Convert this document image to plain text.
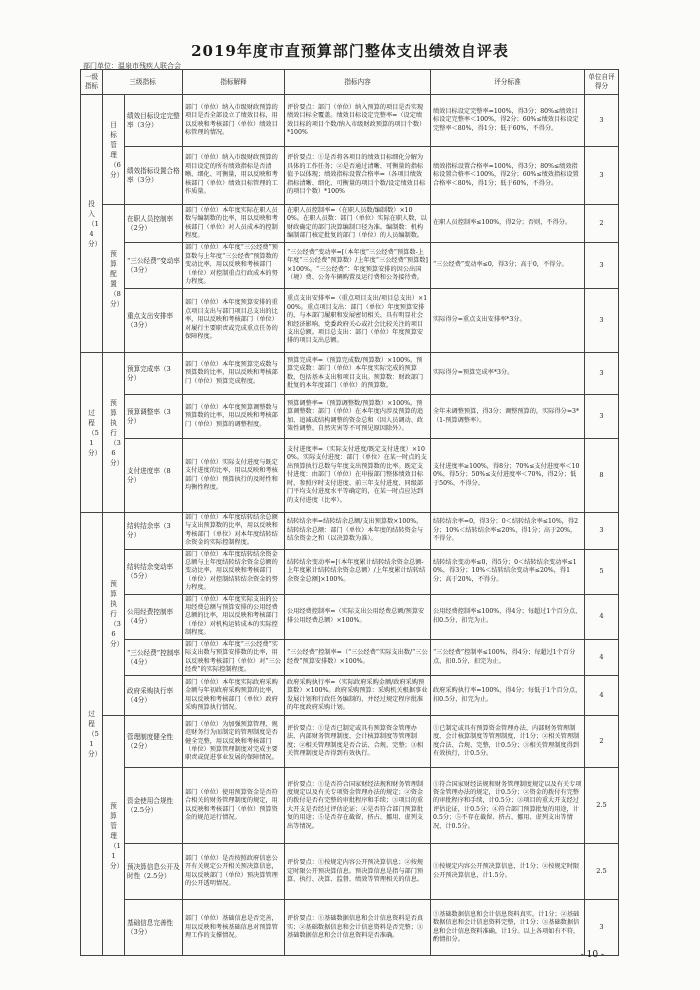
2019年度市直预算部门整体支出绩效自评表
部门单位：温泉市残疾人联合会
一级指标	三级指标		指标解释	指标内容	评分标准	单位自评得分
投入（14分）	目标管理（6分）	绩效目标设定完整率（3分）	部门（单位）纳入市级财政预算的项目是否全部设立了绩效目标，用以反映和考核部门（单位）绩效目标管理的情况。	评价要点：部门（单位）纳入预算的项目是否实现绩效目标全覆盖。绩效目标设定完整率=（设定绩效目标的项目个数/纳入市级财政预算的项目个数）*100%	绩效目标设定完整率=100%，得3分；80%≤绩效目标设定完整率＜100%，得2分；60%≤绩效目标设定完整率＜80%，得1分；低于60%，不得分。	3
		绩效指标设置合格率（3分）	部门（单位）纳入市级财政预算的项目设定的所有绩效指标是否清晰、细化、可衡量，用以反映和考核部门（单位）绩效目标管理的工作质量。	评价要点：①是否将各项目的绩效目标细化分解为具体的工作任务；②是否通过清晰、可衡量的指标值予以体现；绩效指标设置合格率=（各项目绩效指标清晰、细化、可衡量的项目个数/设定绩效目标的项目个数）*100%	绩效指标设置合格率=100%，得3分；80%≤绩效指标设置合格率＜100%，得2分；60%≤绩效指标设置合格率＜80%，得1分；低于60%，不得分。	3
	预算配置（8分）	在职人员控制率（2分）	部门（单位）本年度实际在职人员数与编制数的比率，用以反映和考核部门（单位）对人员成本的控制程度。	在职人员控制率=（在职人员数/编制数）×100%。在职人员数：部门（单位）实际在职人数，以财政确定的部门决算编制口径为准。编制数：机构编制部门核定批复的部门（单位）的人员编制数。	在职人员控制率≤100%，得2分；否则，不得分。	2
		“三公经费”变动率（3分）	部门（单位）本年度“三公经费”预算数与上年度“三公经费”预算数的变动比率，用以反映和考核部门（单位）对控制重点行政成本的努力程度。	“三公经费”变动率=[（本年度“三公经费”预算数-上年度“三公经费”预算数）/上年度“三公经费”预算数]×100%。“三公经费”：年度预算安排的因公出国（境）费、公务车辆购置及运行费和公务接待费。	“三公经费”变动率≤0，得3分；高于0，不得分。	3
		重点支出安排率（3分）	部门（单位）本年度预算安排的重点项目支出与部门项目总支出的比率，用以反映和考核部门（单位）对履行主要职责或完成重点任务的保障程度。	重点支出安排率=（重点项目支出/项目总支出）×100%。重点项目支出：部门（单位）年度预算安排的，与本部门履职和发展密切相关、具有明显社会和经济影响、党委政府关心或社会比较关注的项目支出总额。项目总支出：部门（单位）年度预算安排的项目支出总额。	实际得分=重点支出安排率*3分。	3
过程（51分）	预算执行（36分）	预算完成率（3分）	部门（单位）本年度预算完成数与预算数的比率，用以反映和考核部门（单位）预算完成程度。	预算完成率=（预算完成数/预算数）×100%。预算完成数：部门（单位）本年度实际完成的预算数，包括基本支出和项目支出。预算数：财政部门批复的本年度部门（单位）的预算数。	实际得分=预算完成率*3分。	3
		预算调整率（3分）	部门（单位）本年度预算调整数与预算数的比率，用以反映和考核部门（单位）预算的调整程度。	预算调整率=（预算调整数/预算数）×100%。预算调整数：部门（单位）在本年度内涉及预算的追加、追减或结构调整的资金总和（因人员调动、政策性调整、自然灾害等不可预见原因除外）。	全年未调整预算，得3分；调整预算的，实际得分=3*（1-预算调整率）。	3
		支付进度率（8分）	部门（单位）实际支付进度与既定支付进度的比率，用以反映和考核部门（单位）预算执行的及时性和均衡性程度。	支付进度率=（实际支付进度/既定支付进度）×100%。实际支付进度：部门（单位）在某一时点的支出预算执行总数与年度支出预算数的比率。既定支付进度：由部门（单位）在申报部门整体绩效目标时，参照序时支付进度、前三年支付进度、同级部门平均支付进度水平等确定的，在某一时点应达到的支付进度（比率）。	支付进度率≥100%，得8分；70%≤支付进度率＜100%，得5分；50%≤支付进度率＜70%，得2分；低于50%，不得分。	8
过程（51分）	预算执行（36分）	结转结余率（3分）	部门（单位）本年度结转结余总额与支出预算数的比率，用以反映和考核部门（单位）对本年度结转结余资金的实际控制程度。	结转结余率=结转结余总额/支出预算数×100%。结转结余总额：部门（单位）本年度的结转资金与结余资金之和（以决算数为准）。	结转结余率=0，得3分；0＜结转结余率≤10%，得2分；10%＜结转结余率≤20%，得1分；高于20%，不得分。	3
		结转结余变动率（5分）	部门（单位）本年度结转结余资金总额与上年度结转结余资金总额的变动比率，用以反映和考核部门（单位）对控制结转结余资金的努力程度。	结转结余变动率=[（本年度累计结转结余资金总额-上年度累计结转结余资金总额）/上年度累计结转结余资金总额]×100%。	结转结余变动率≤0，得5分；0＜结转结余变动率≤10%，得3分；10%＜结转结余变动率≤20%，得1分；高于20%，不得分。	5
		公用经费控制率（4分）	部门（单位）本年度实际支出的公用经费总额与预算安排的公用经费总额的比率，用以反映和考核部门（单位）对机构运转成本的实际控制程度。	公用经费控制率=（实际支出公用经费总额/预算安排公用经费总额）×100%。	公用经费控制率≤100%，得4分；每超过1个百分点，扣0.5分，扣完为止。	4
		“三公经费”控制率（4分）	部门（单位）本年度“三公经费”实际支出数与预算安排数的比率，用以反映和考核部门（单位）对“三公经费”的实际控制程度。	“三公经费”控制率=（“三公经费”实际支出数/“三公经费”预算安排数）×100%。	“三公经费”控制率≤100%，得4分；每超过1个百分点，扣0.5分，扣完为止。	4
		政府采购执行率（4分）	部门（单位）本年度实际政府采购金额与年初政府采购预算的比率，用以反映和考核部门（单位）政府采购预算执行情况。	政府采购执行率=（实际政府采购金额/政府采购预算数）×100%。政府采购预算：采购机关根据事业发展计划和行政任务编制的、并经过规定程序批准的年度政府采购计划。	政府采购执行率=100%，得4分；每低于1个百分点，扣0.5分，扣完为止。	4
	预算管理（11分）	管理制度健全性（2分）	部门（单位）为加强预算管理、规范财务行为而制定的管理制度是否健全完整，用以反映和考核部门（单位）预算管理制度对完成主要职责或促进事业发展的保障情况。	评价要点：①是否已制定或具有预算资金管理办法、内部财务管理制度、会计核算制度等管理制度；②相关管理制度是否合法、合规、完整；③相关管理制度是否得到有效执行。	①已制定或具有预算资金管理办法、内部财务管理制度、会计核算制度等管理制度，计1分；②相关管理制度合法、合规、完整，计0.5分；③相关管理制度得到有效执行，计0.5分。	2
		资金使用合规性（2.5分）	部门（单位）使用预算资金是否符合相关的财务管理制度的规定，用以反映和考核部门（单位）预算资金的规范运行情况。	评价要点：①是否符合国家财经法规和财务管理制度规定以及有关专项资金管理办法的规定；②资金的拨付是否有完整的审批程序和手续；③项目的重大开支是否经过评估论证；④是否符合部门预算批复的用途；⑤是否存在截留、挤占、挪用、虚列支出等情况。	①符合国家财经法规和财务管理制度规定以及有关专项资金管理办法的规定，计0.5分；②资金的拨付有完整的审批程序和手续，计0.5分；③项目的重大开支经过评估论证，计0.5分；④符合部门预算批复的用途，计0.5分；⑤不存在截留、挤占、挪用、虚列支出等情况，计0.5分。	2.5
		预决算信息公开及时性（2.5分）	部门（单位）是否按照政府信息公开有关规定公开相关预决算信息，用以反映部门（单位）预决算管理的公开透明情况。	评价要点：①按规定内容公开预决算信息；②按规定时限公开预决算信息。预决算信息是指与部门预算、执行、决算、监督、绩效等管理相关的信息。	①按规定内容公开预决算信息，计1分；②按规定时限公开预决算信息，计1.5分。	2.5
		基础信息完善性（3分）	部门（单位）基础信息是否完善，用以反映和考核基础信息对预算管理工作的支撑情况。	评价要点：①基础数据信息和会计信息资料是否真实；②基础数据信息和会计信息资料是否完整；③基础数据信息和会计信息资料是否准确。	①基础数据信息和会计信息资料真实，计1分；②基础数据信息和会计信息资料完整，计1分；③基础数据信息和会计信息资料准确，计1分。以上各项如有不符，酌情扣分。	3
- 10 -
